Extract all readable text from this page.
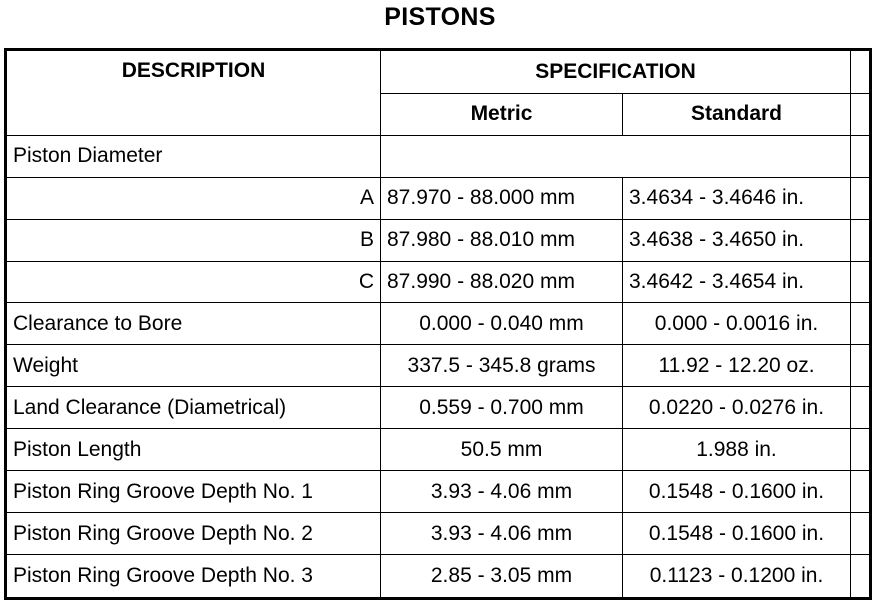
PISTONS
DESCRIPTION	SPECIFICATION		
	Metric	Standard	
Piston Diameter			
A	87.970 - 88.000 mm	3.4634 - 3.4646 in.	
B	87.980 - 88.010 mm	3.4638 - 3.4650 in.	
C	87.990 - 88.020 mm	3.4642 - 3.4654 in.	
Clearance to Bore	0.000 - 0.040 mm	0.000 - 0.0016 in.	
Weight	337.5 - 345.8 grams	11.92 - 12.20 oz.	
Land Clearance (Diametrical)	0.559 - 0.700 mm	0.0220 - 0.0276 in.	
Piston Length	50.5 mm	1.988 in.	
Piston Ring Groove Depth No. 1	3.93 - 4.06 mm	0.1548 - 0.1600 in.	
Piston Ring Groove Depth No. 2	3.93 - 4.06 mm	0.1548 - 0.1600 in.	
Piston Ring Groove Depth No. 3	2.85 - 3.05 mm	0.1123 - 0.1200 in.	
